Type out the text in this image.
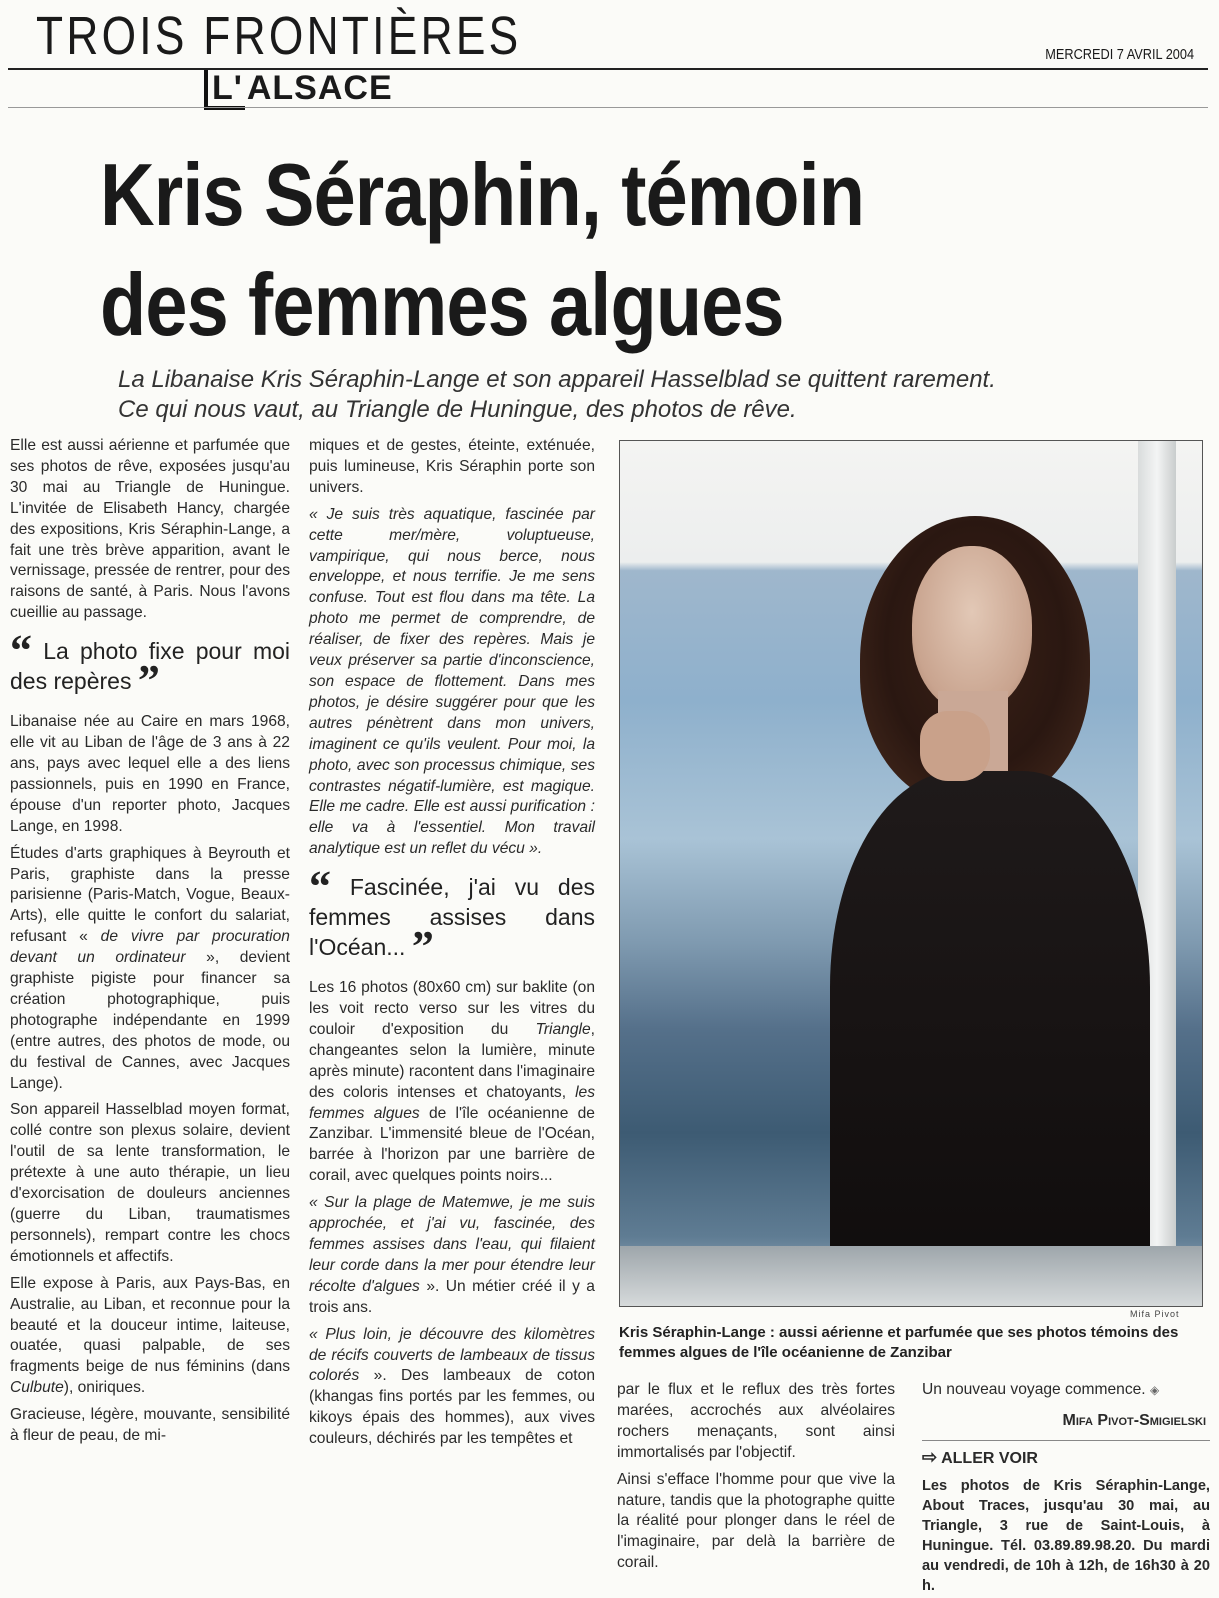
TROIS FRONTIÈRES	MERCREDI 7 AVRIL 2004
L' ALSACE
Kris Séraphin, témoin
des femmes algues
La Libanaise Kris Séraphin-Lange et son appareil Hasselblad se quittent rarement.
Ce qui nous vaut, au Triangle de Huningue, des photos de rêve.

Elle est aussi aérienne et parfumée que ses photos de rêve, exposées jusqu'au 30 mai au Triangle de Huningue. L'invitée de Elisabeth Hancy, chargée des expositions, Kris Séraphin-Lange, a fait une très brève apparition, avant le vernissage, pressée de rentrer, pour des raisons de santé, à Paris. Nous l'avons cueillie au passage.

“ La photo fixe pour moi des repères ”

Libanaise née au Caire en mars 1968, elle vit au Liban de l'âge de 3 ans à 22 ans, pays avec lequel elle a des liens passionnels, puis en 1990 en France, épouse d'un reporter photo, Jacques Lange, en 1998.

Études d'arts graphiques à Beyrouth et Paris, graphiste dans la presse parisienne (Paris-Match, Vogue, Beaux-Arts), elle quitte le confort du salariat, refusant « de vivre par procuration devant un ordinateur », devient graphiste pigiste pour financer sa création photographique, puis photographe indépendante en 1999 (entre autres, des photos de mode, ou du festival de Cannes, avec Jacques Lange).

Son appareil Hasselblad moyen format, collé contre son plexus solaire, devient l'outil de sa lente transformation, le prétexte à une auto thérapie, un lieu d'exorcisation de douleurs anciennes (guerre du Liban, traumatismes personnels), rempart contre les chocs émotionnels et affectifs.

Elle expose à Paris, aux Pays-Bas, en Australie, au Liban, et reconnue pour la beauté et la douceur intime, laiteuse, ouatée, quasi palpable, de ses fragments beige de nus féminins (dans Culbute), oniriques.

Gracieuse, légère, mouvante, sensibilité à fleur de peau, de mi-

miques et de gestes, éteinte, exténuée, puis lumineuse, Kris Séraphin porte son univers.

« Je suis très aquatique, fascinée par cette mer/mère, voluptueuse, vampirique, qui nous berce, nous enveloppe, et nous terrifie. Je me sens confuse. Tout est flou dans ma tête. La photo me permet de comprendre, de réaliser, de fixer des repères. Mais je veux préserver sa partie d'inconscience, son espace de flottement. Dans mes photos, je désire suggérer pour que les autres pénètrent dans mon univers, imaginent ce qu'ils veulent. Pour moi, la photo, avec son processus chimique, ses contrastes négatif-lumière, est magique. Elle me cadre. Elle est aussi purification : elle va à l'essentiel. Mon travail analytique est un reflet du vécu ».

“ Fascinée, j'ai vu des femmes assises dans l'Océan... ”

Les 16 photos (80x60 cm) sur baklite (on les voit recto verso sur les vitres du couloir d'exposition du Triangle, changeantes selon la lumière, minute après minute) racontent dans l'imaginaire des coloris intenses et chatoyants, les femmes algues de l'île océanienne de Zanzibar. L'immensité bleue de l'Océan, barrée à l'horizon par une barrière de corail, avec quelques points noirs...

« Sur la plage de Matemwe, je me suis approchée, et j'ai vu, fascinée, des femmes assises dans l'eau, qui filaient leur corde dans la mer pour étendre leur récolte d'algues ». Un métier créé il y a trois ans.

« Plus loin, je découvre des kilomètres de récifs couverts de lambeaux de tissus colorés ». Des lambeaux de coton (khangas fins portés par les femmes, ou kikoys épais des hommes), aux vives couleurs, déchirés par les tempêtes et

Mifa Pivot
Kris Séraphin-Lange : aussi aérienne et parfumée que ses photos témoins des femmes algues de l'île océanienne de Zanzibar

par le flux et le reflux des très fortes marées, accrochés aux alvéolaires rochers menaçants, sont ainsi immortalisés par l'objectif.

Ainsi s'efface l'homme pour que vive la nature, tandis que la photographe quitte la réalité pour plonger dans le réel de l'imaginaire, par delà la barrière de corail.

Un nouveau voyage commence. ◈

Mifa Pivot-Smigielski
⇨ ALLER VOIR
Les photos de Kris Séraphin-Lange, About Traces, jusqu'au 30 mai, au Triangle, 3 rue de Saint-Louis, à Huningue. Tél. 03.89.89.98.20. Du mardi au vendredi, de 10h à 12h, de 16h30 à 20 h.
